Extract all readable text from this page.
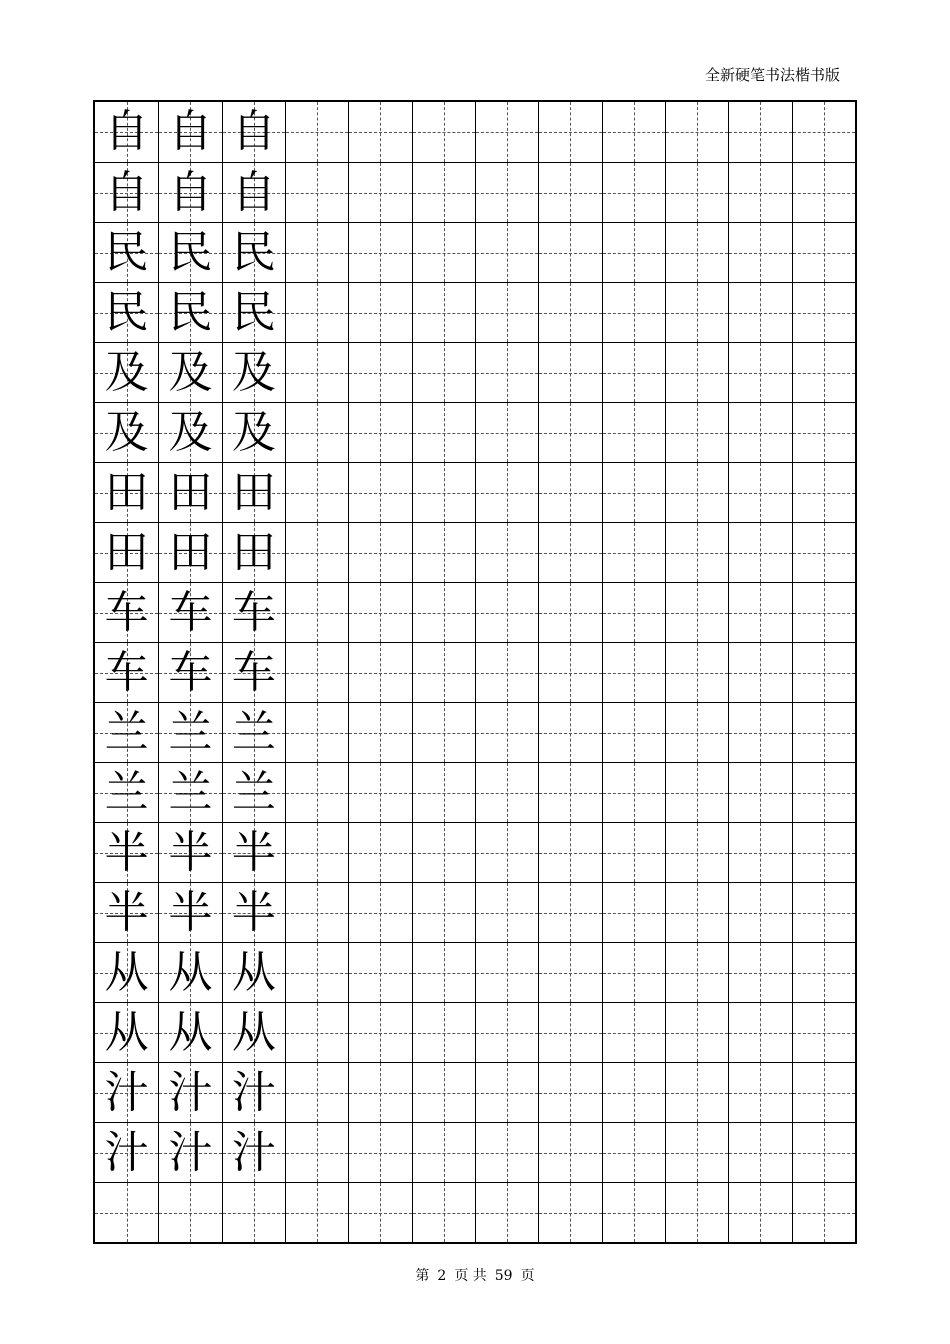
全新硬笔书法楷书版
自 自 自
自 自 自
民 民 民
民 民 民
及 及 及
及 及 及
田 田 田
田 田 田
车 车 车
车 车 车
兰 兰 兰
兰 兰 兰
半 半 半
半 半 半
从 从 从
从 从 从
汁 汁 汁
汁 汁 汁
第 2 页 共 59 页
